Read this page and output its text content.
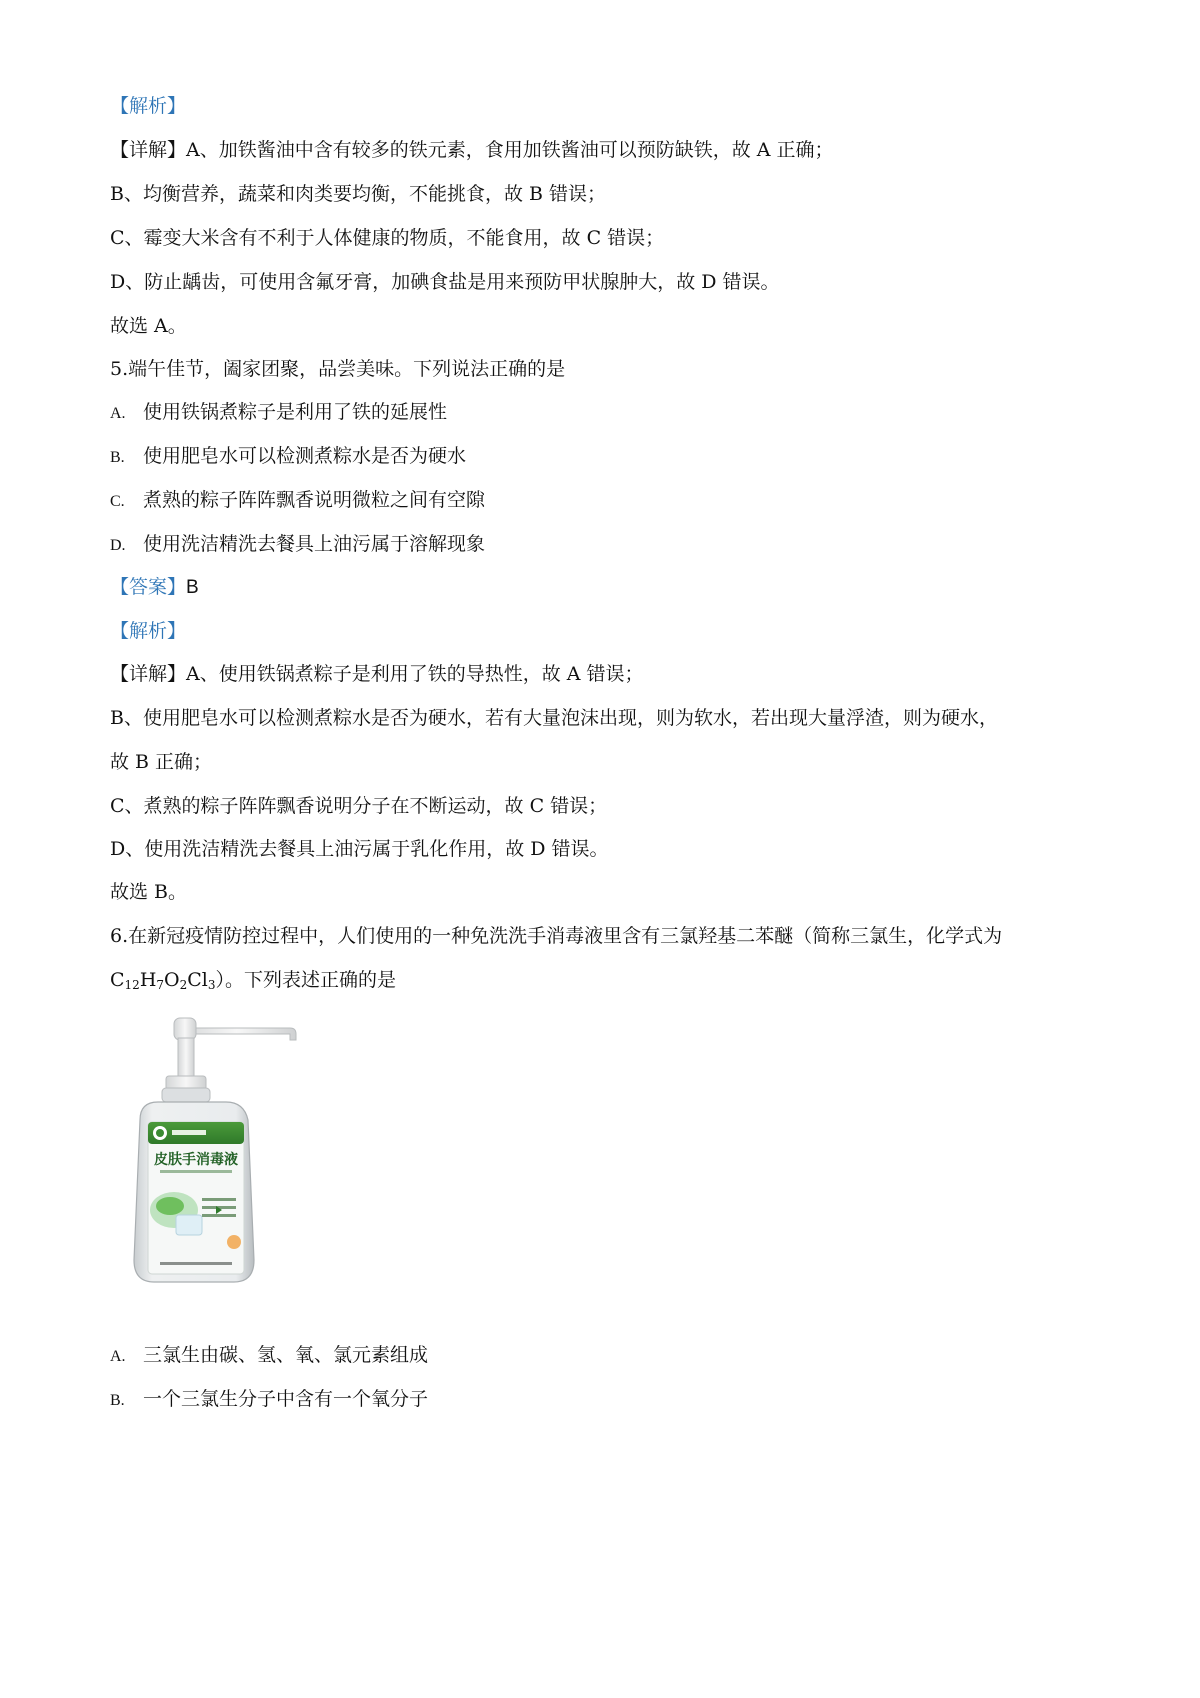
【解析】
【详解】A、加铁酱油中含有较多的铁元素，食用加铁酱油可以预防缺铁，故 A 正确；
B、均衡营养，蔬菜和肉类要均衡，不能挑食，故 B 错误；
C、霉变大米含有不利于人体健康的物质，不能食用，故 C 错误；
D、防止龋齿，可使用含氟牙膏，加碘食盐是用来预防甲状腺肿大，故 D 错误。
故选 A。
5.端午佳节，阖家团聚，品尝美味。下列说法正确的是
A. 使用铁锅煮粽子是利用了铁的延展性
B. 使用肥皂水可以检测煮粽水是否为硬水
C. 煮熟的粽子阵阵飘香说明微粒之间有空隙
D. 使用洗洁精洗去餐具上油污属于溶解现象
【答案】B
【解析】
【详解】A、使用铁锅煮粽子是利用了铁的导热性，故 A 错误；
B、使用肥皂水可以检测煮粽水是否为硬水，若有大量泡沫出现，则为软水，若出现大量浮渣，则为硬水，
故 B 正确；
C、煮熟的粽子阵阵飘香说明分子在不断运动，故 C 错误；
D、使用洗洁精洗去餐具上油污属于乳化作用，故 D 错误。
故选 B。
6.在新冠疫情防控过程中，人们使用的一种免洗洗手消毒液里含有三氯羟基二苯醚（简称三氯生，化学式为
$C_{12}H_7O_2Cl_3$）。下列表述正确的是
皮肤手消毒液
A. 三氯生由碳、氢、氧、氯元素组成
B. 一个三氯生分子中含有一个氧分子
